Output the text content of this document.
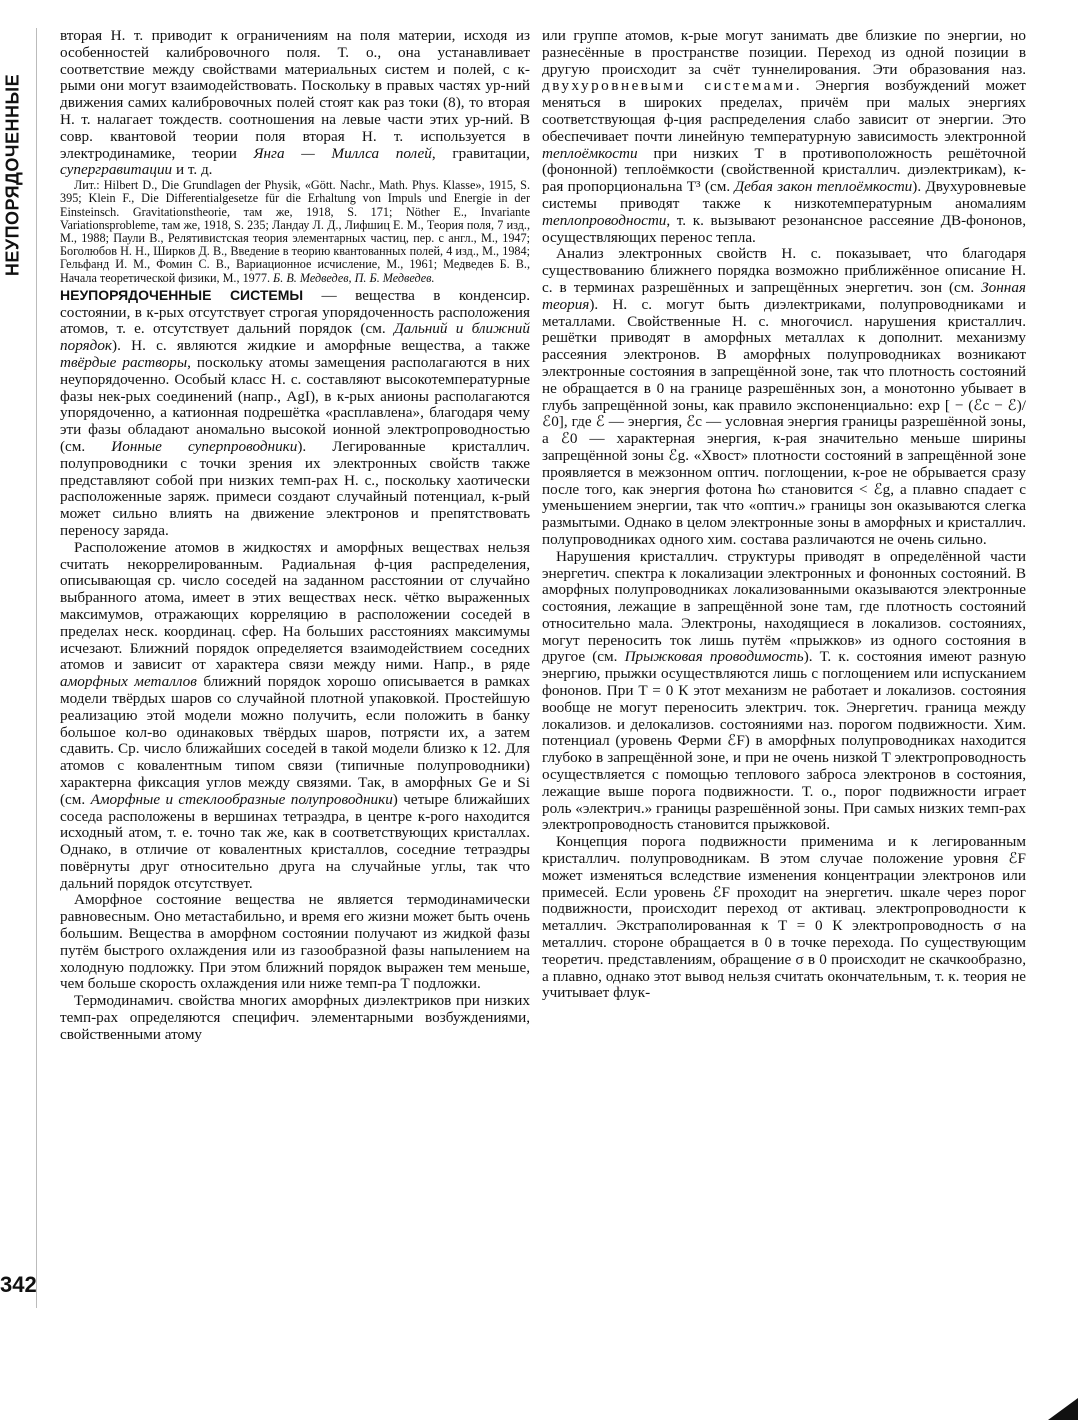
НЕУПОРЯДОЧЕННЫЕ
342

вторая Н. т. приводит к ограничениям на поля материи, исходя из особенностей калибровочного поля. Т. о., она устанавливает соответствие между свойствами материальных систем и полей, с к-рыми они могут взаимодействовать. Поскольку в правых частях ур-ний движения самих калибровочных полей стоят как раз токи (8), то вторая Н. т. налагает тождеств. соотношения на левые части этих ур-ний. В совр. квантовой теории поля вторая Н. т. используется в электродинамике, теории Янга — Миллса полей, гравитации, супергравитации и т. д.

Лит.: Hilbert D., Die Grundlagen der Physik, «Gött. Nachr., Math. Phys. Klasse», 1915, S. 395; Klein F., Die Differentialgesetze für die Erhaltung von Impuls und Energie in der Einsteinsch. Gravitationstheorie, там же, 1918, S. 171; Nöther E., Invariante Variationsprobleme, там же, 1918, S. 235; Ландау Л. Д., Лифшиц Е. М., Теория поля, 7 изд., М., 1988; Паули В., Релятивистская теория элементарных частиц, пер. с англ., М., 1947; Боголюбов Н. Н., Ширков Д. В., Введение в теорию квантованных полей, 4 изд., М., 1984; Гельфанд И. М., Фомин С. В., Вариационное исчисление, М., 1961; Медведев Б. В., Начала теоретической физики, М., 1977. Б. В. Медведев, П. Б. Медведев.

НЕУПОРЯДОЧЕННЫЕ СИСТЕМЫ — вещества в конденсир. состоянии, в к-рых отсутствует строгая упорядоченность расположения атомов, т. е. отсутствует дальний порядок (см. Дальний и ближний порядок). Н. с. являются жидкие и аморфные вещества, а также твёрдые растворы, поскольку атомы замещения располагаются в них неупорядоченно. Особый класс Н. с. составляют высокотемпературные фазы нек-рых соединений (напр., AgI), в к-рых анионы располагаются упорядоченно, а катионная подрешётка «расплавлена», благодаря чему эти фазы обладают аномально высокой ионной электропроводностью (см. Ионные суперпроводники). Легированные кристаллич. полупроводники с точки зрения их электронных свойств также представляют собой при низких темп-рах Н. с., поскольку хаотически расположенные заряж. примеси создают случайный потенциал, к-рый может сильно влиять на движение электронов и препятствовать переносу заряда.

Расположение атомов в жидкостях и аморфных веществах нельзя считать некоррелированным. Радиальная ф-ция распределения, описывающая ср. число соседей на заданном расстоянии от случайно выбранного атома, имеет в этих веществах неск. чётко выраженных максимумов, отражающих корреляцию в расположении соседей в пределах неск. координац. сфер. На больших расстояниях максимумы исчезают. Ближний порядок определяется взаимодействием соседних атомов и зависит от характера связи между ними. Напр., в ряде аморфных металлов ближний порядок хорошо описывается в рамках модели твёрдых шаров со случайной плотной упаковкой. Простейшую реализацию этой модели можно получить, если положить в банку большое кол-во одинаковых твёрдых шаров, потрясти их, а затем сдавить. Ср. число ближайших соседей в такой модели близко к 12. Для атомов с ковалентным типом связи (типичные полупроводники) характерна фиксация углов между связями. Так, в аморфных Ge и Si (см. Аморфные и стеклообразные полупроводники) четыре ближайших соседа расположены в вершинах тетраэдра, в центре к-рого находится исходный атом, т. е. точно так же, как в соответствующих кристаллах. Однако, в отличие от ковалентных кристаллов, соседние тетраэдры повёрнуты друг относительно друга на случайные углы, так что дальний порядок отсутствует.

Аморфное состояние вещества не является термодинамически равновесным. Оно метастабильно, и время его жизни может быть очень большим. Вещества в аморфном состоянии получают из жидкой фазы путём быстрого охлаждения или из газообразной фазы напылением на холодную подложку. При этом ближний порядок выражен тем меньше, чем больше скорость охлаждения или ниже темп-ра T подложки.

Термодинамич. свойства многих аморфных диэлектриков при низких темп-рах определяются специфич. элементарными возбуждениями, свойственными атому

или группе атомов, к-рые могут занимать две близкие по энергии, но разнесённые в пространстве позиции. Переход из одной позиции в другую происходит за счёт туннелирования. Эти образования наз. двухуровневыми системами. Энергия возбуждений может меняться в широких пределах, причём при малых энергиях соответствующая ф-ция распределения слабо зависит от энергии. Это обеспечивает почти линейную температурную зависимость электронной теплоёмкости при низких T в противоположность решёточной (фононной) теплоёмкости (свойственной кристаллич. диэлектрикам), к-рая пропорциональна T³ (см. Дебая закон теплоёмкости). Двухуровневые системы приводят также к низкотемпературным аномалиям теплопроводности, т. к. вызывают резонансное рассеяние ДВ-фононов, осуществляющих перенос тепла.

Анализ электронных свойств Н. с. показывает, что благодаря существованию ближнего порядка возможно приближённое описание Н. с. в терминах разрешённых и запрещённых энергетич. зон (см. Зонная теория). Н. с. могут быть диэлектриками, полупроводниками и металлами. Свойственные Н. с. многочисл. нарушения кристаллич. решётки приводят в аморфных металлах к дополнит. механизму рассеяния электронов. В аморфных полупроводниках возникают электронные состояния в запрещённой зоне, так что плотность состояний не обращается в 0 на границе разрешённых зон, а монотонно убывает в глубь запрещённой зоны, как правило экспоненциально: exp [ − (ℰc − ℰ)/ℰ0], где ℰ — энергия, ℰc — условная энергия границы разрешённой зоны, а ℰ0 — характерная энергия, к-рая значительно меньше ширины запрещённой зоны ℰg. «Хвост» плотности состояний в запрещённой зоне проявляется в межзонном оптич. поглощении, к-рое не обрывается сразу после того, как энергия фотона ħω становится < ℰg, а плавно спадает с уменьшением энергии, так что «оптич.» границы зон оказываются слегка размытыми. Однако в целом электронные зоны в аморфных и кристаллич. полупроводниках одного хим. состава различаются не очень сильно.

Нарушения кристаллич. структуры приводят в определённой части энергетич. спектра к локализации электронных и фононных состояний. В аморфных полупроводниках локализованными оказываются электронные состояния, лежащие в запрещённой зоне там, где плотность состояний относительно мала. Электроны, находящиеся в локализов. состояниях, могут переносить ток лишь путём «прыжков» из одного состояния в другое (см. Прыжковая проводимость). Т. к. состояния имеют разную энергию, прыжки осуществляются лишь с поглощением или испусканием фононов. При T = 0 К этот механизм не работает и локализов. состояния вообще не могут переносить электрич. ток. Энергетич. граница между локализов. и делокализов. состояниями наз. порогом подвижности. Хим. потенциал (уровень Ферми ℰF) в аморфных полупроводниках находится глубоко в запрещённой зоне, и при не очень низкой T электропроводность осуществляется с помощью теплового заброса электронов в состояния, лежащие выше порога подвижности. Т. о., порог подвижности играет роль «электрич.» границы разрешённой зоны. При самых низких темп-рах электропроводность становится прыжковой.

Концепция порога подвижности применима и к легированным кристаллич. полупроводникам. В этом случае положение уровня ℰF может изменяться вследствие изменения концентрации электронов или примесей. Если уровень ℰF проходит на энергетич. шкале через порог подвижности, происходит переход от активац. электропроводности к металлич. Экстраполированная к T = 0 К электропроводность σ на металлич. стороне обращается в 0 в точке перехода. По существующим теоретич. представлениям, обращение σ в 0 происходит не скачкообразно, а плавно, однако этот вывод нельзя считать окончательным, т. к. теория не учитывает флук-
